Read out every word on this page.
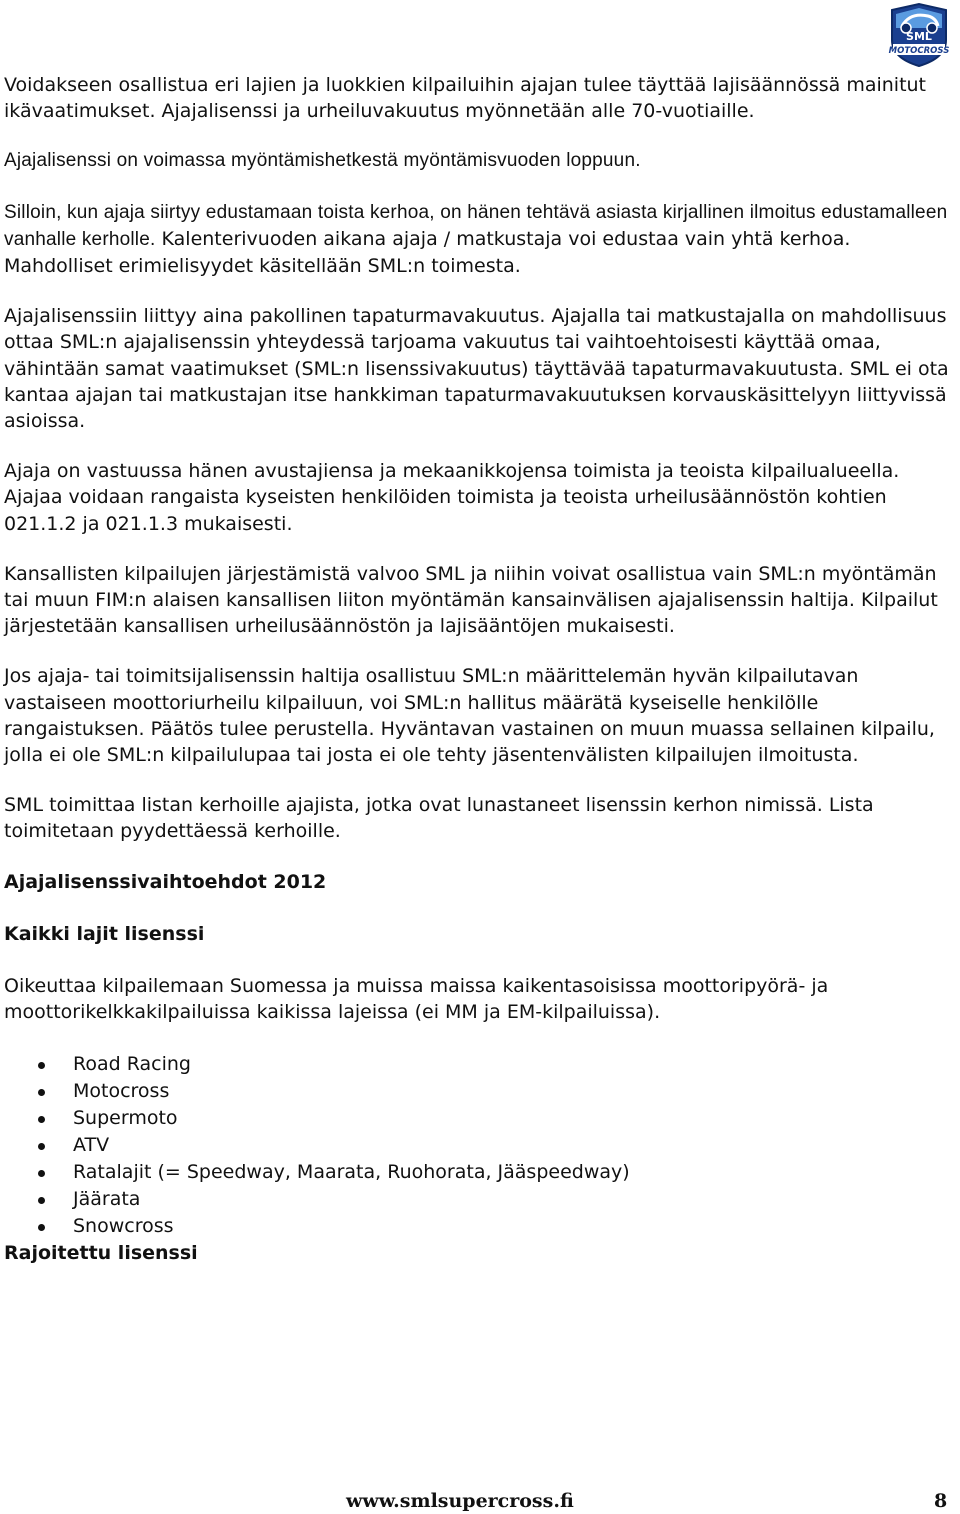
SML
MOTOCROSS

Voidakseen osallistua eri lajien ja luokkien kilpailuihin ajajan tulee täyttää lajisäännössä mainitut ikävaatimukset. Ajajalisenssi ja urheiluvakuutus myönnetään alle 70-vuotiaille.

Ajajalisenssi on voimassa myöntämishetkestä myöntämisvuoden loppuun.

Silloin, kun ajaja siirtyy edustamaan toista kerhoa, on hänen tehtävä asiasta kirjallinen ilmoitus edustamalleen vanhalle kerholle. Kalenterivuoden aikana ajaja / matkustaja voi edustaa vain yhtä kerhoa. Mahdolliset erimielisyydet käsitellään SML:n toimesta.

Ajajalisenssiin liittyy aina pakollinen tapaturmavakuutus. Ajajalla tai matkustajalla on mahdollisuus ottaa SML:n ajajalisenssin yhteydessä tarjoama vakuutus tai vaihtoehtoisesti käyttää omaa, vähintään samat vaatimukset (SML:n lisenssivakuutus) täyttävää tapaturmavakuutusta. SML ei ota kantaa ajajan tai matkustajan itse hankkiman tapaturmavakuutuksen korvauskäsittelyyn liittyvissä asioissa.

Ajaja on vastuussa hänen avustajiensa ja mekaanikkojensa toimista ja teoista kilpailualueella. Ajajaa voidaan rangaista kyseisten henkilöiden toimista ja teoista urheilusäännöstön kohtien 021.1.2 ja 021.1.3 mukaisesti.

Kansallisten kilpailujen järjestämistä valvoo SML ja niihin voivat osallistua vain SML:n myöntämän tai muun FIM:n alaisen kansallisen liiton myöntämän kansainvälisen ajajalisenssin haltija. Kilpailut järjestetään kansallisen urheilusäännöstön ja lajisääntöjen mukaisesti.

Jos ajaja- tai toimitsijalisenssin haltija osallistuu SML:n määrittelemän hyvän kilpailutavan vastaiseen moottoriurheilu kilpailuun, voi SML:n hallitus määrätä kyseiselle henkilölle rangaistuksen. Päätös tulee perustella. Hyväntavan vastainen on muun muassa sellainen kilpailu, jolla ei ole SML:n kilpailulupaa tai josta ei ole tehty jäsentenvälisten kilpailujen ilmoitusta.

SML toimittaa listan kerhoille ajajista, jotka ovat lunastaneet lisenssin kerhon nimissä. Lista toimitetaan pyydettäessä kerhoille.

Ajajalisenssivaihtoehdot 2012
Kaikki lajit lisenssi

Oikeuttaa kilpailemaan Suomessa ja muissa maissa kaikentasoisissa moottoripyörä- ja moottorikelkkakilpailuissa kaikissa lajeissa (ei MM ja EM-kilpailuissa).

Road Racing
Motocross
Supermoto
ATV
Ratalajit (= Speedway, Maarata, Ruohorata, Jääspeedway)
Jäärata
Snowcross
Rajoitettu lisenssi
www.smlsupercross.fi	8
